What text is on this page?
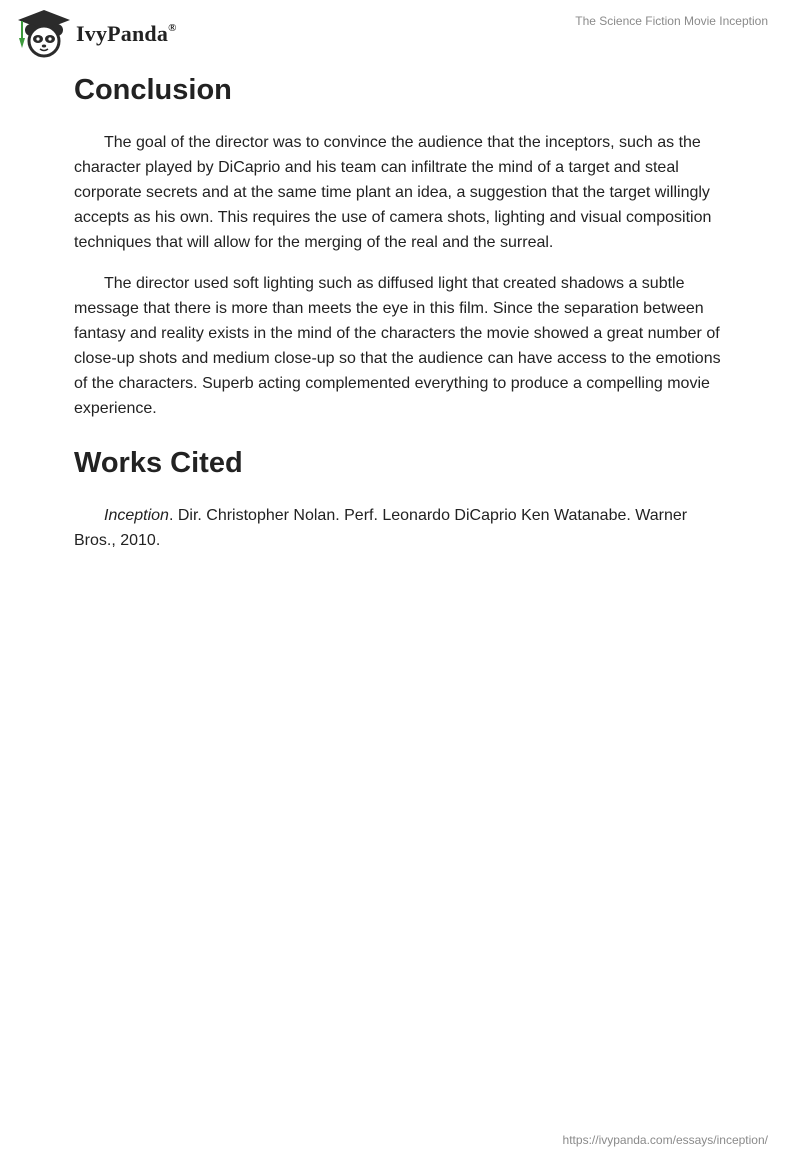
IvyPanda®	The Science Fiction Movie Inception
Conclusion

The goal of the director was to convince the audience that the inceptors, such as the character played by DiCaprio and his team can infiltrate the mind of a target and steal corporate secrets and at the same time plant an idea, a suggestion that the target willingly accepts as his own. This requires the use of camera shots, lighting and visual composition techniques that will allow for the merging of the real and the surreal.

The director used soft lighting such as diffused light that created shadows a subtle message that there is more than meets the eye in this film. Since the separation between fantasy and reality exists in the mind of the characters the movie showed a great number of close-up shots and medium close-up so that the audience can have access to the emotions of the characters. Superb acting complemented everything to produce a compelling movie experience.

Works Cited

Inception. Dir. Christopher Nolan. Perf. Leonardo DiCaprio Ken Watanabe. Warner Bros., 2010.

https://ivypanda.com/essays/inception/
